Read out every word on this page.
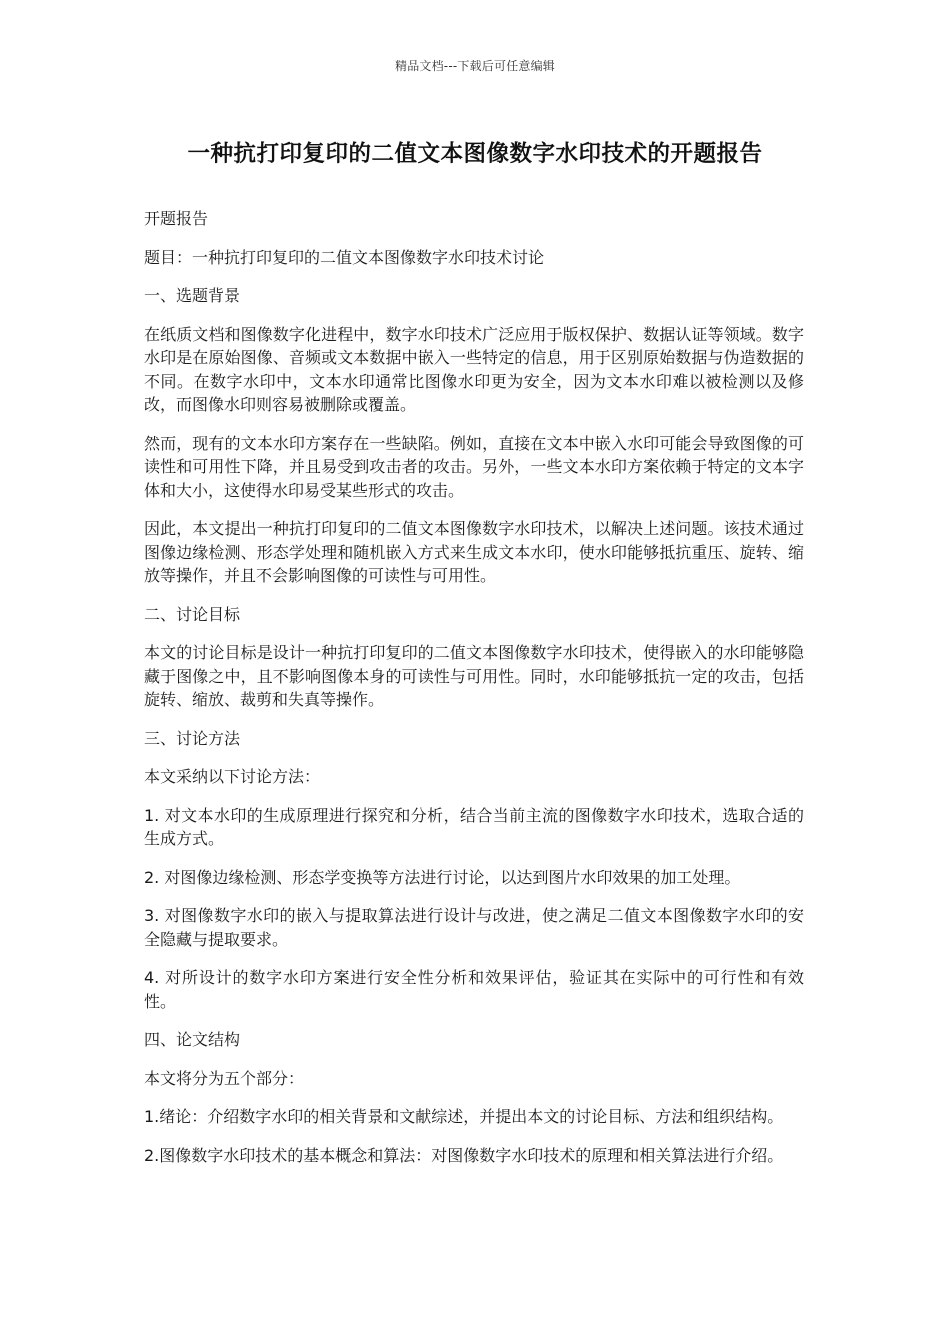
精品文档---下载后可任意编辑
一种抗打印复印的二值文本图像数字水印技术的开题报告

开题报告

题目：一种抗打印复印的二值文本图像数字水印技术讨论

一、选题背景

在纸质文档和图像数字化进程中，数字水印技术广泛应用于版权保护、数据认证等领域。数字水印是在原始图像、音频或文本数据中嵌入一些特定的信息，用于区别原始数据与伪造数据的不同。在数字水印中，文本水印通常比图像水印更为安全，因为文本水印难以被检测以及修改，而图像水印则容易被删除或覆盖。

然而，现有的文本水印方案存在一些缺陷。例如，直接在文本中嵌入水印可能会导致图像的可读性和可用性下降，并且易受到攻击者的攻击。另外，一些文本水印方案依赖于特定的文本字体和大小，这使得水印易受某些形式的攻击。

因此，本文提出一种抗打印复印的二值文本图像数字水印技术，以解决上述问题。该技术通过图像边缘检测、形态学处理和随机嵌入方式来生成文本水印，使水印能够抵抗重压、旋转、缩放等操作，并且不会影响图像的可读性与可用性。

二、讨论目标

本文的讨论目标是设计一种抗打印复印的二值文本图像数字水印技术，使得嵌入的水印能够隐藏于图像之中，且不影响图像本身的可读性与可用性。同时，水印能够抵抗一定的攻击，包括旋转、缩放、裁剪和失真等操作。

三、讨论方法

本文采纳以下讨论方法：

1. 对文本水印的生成原理进行探究和分析，结合当前主流的图像数字水印技术，选取合适的生成方式。

2. 对图像边缘检测、形态学变换等方法进行讨论，以达到图片水印效果的加工处理。

3. 对图像数字水印的嵌入与提取算法进行设计与改进，使之满足二值文本图像数字水印的安全隐藏与提取要求。

4. 对所设计的数字水印方案进行安全性分析和效果评估，验证其在实际中的可行性和有效性。

四、论文结构

本文将分为五个部分：

1.绪论：介绍数字水印的相关背景和文献综述，并提出本文的讨论目标、方法和组织结构。

2.图像数字水印技术的基本概念和算法：对图像数字水印技术的原理和相关算法进行介绍。
